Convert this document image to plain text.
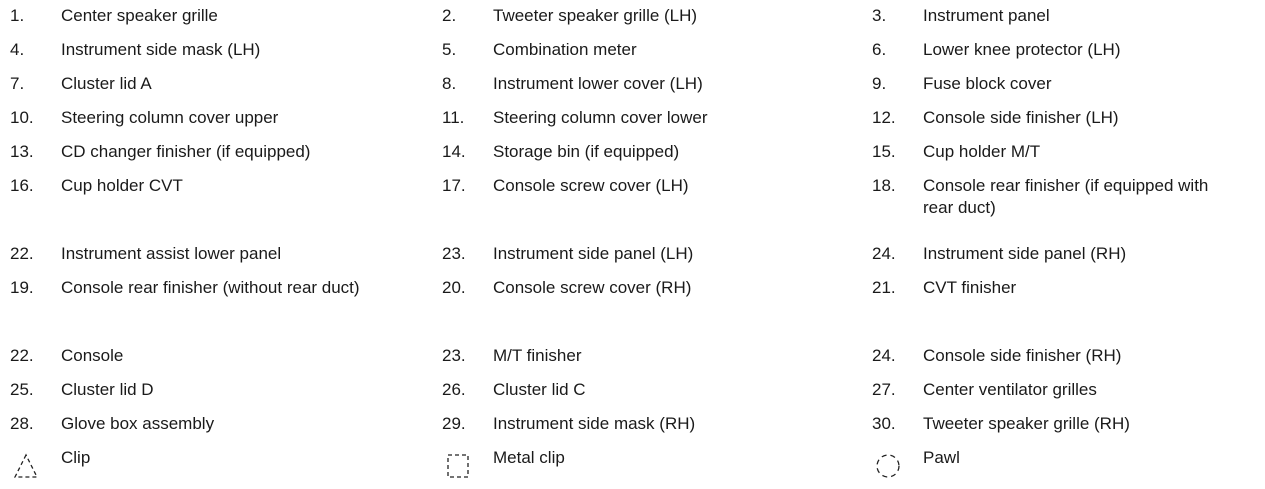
1. Center speaker grille	2. Tweeter speaker grille (LH)	3. Instrument panel
4. Instrument side mask (LH)	5. Combination meter	6. Lower knee protector (LH)
7. Cluster lid A	8. Instrument lower cover (LH)	9. Fuse block cover
10. Steering column cover upper	11. Steering column cover lower	12. Console side finisher (LH)
13. CD changer finisher (if equipped)	14. Storage bin (if equipped)	15. Cup holder M/T
16. Cup holder CVT	17. Console screw cover (LH)	18. Console rear finisher (if equipped with rear duct)
22. Instrument assist lower panel	23. Instrument side panel (LH)	24. Instrument side panel (RH)
19. Console rear finisher (without rear duct)	20. Console screw cover (RH)	21. CVT finisher
22. Console	23. M/T finisher	24. Console side finisher (RH)
25. Cluster lid D	26. Cluster lid C	27. Center ventilator grilles
28. Glove box assembly	29. Instrument side mask (RH)	30. Tweeter speaker grille (RH)
Clip	Metal clip	Pawl
